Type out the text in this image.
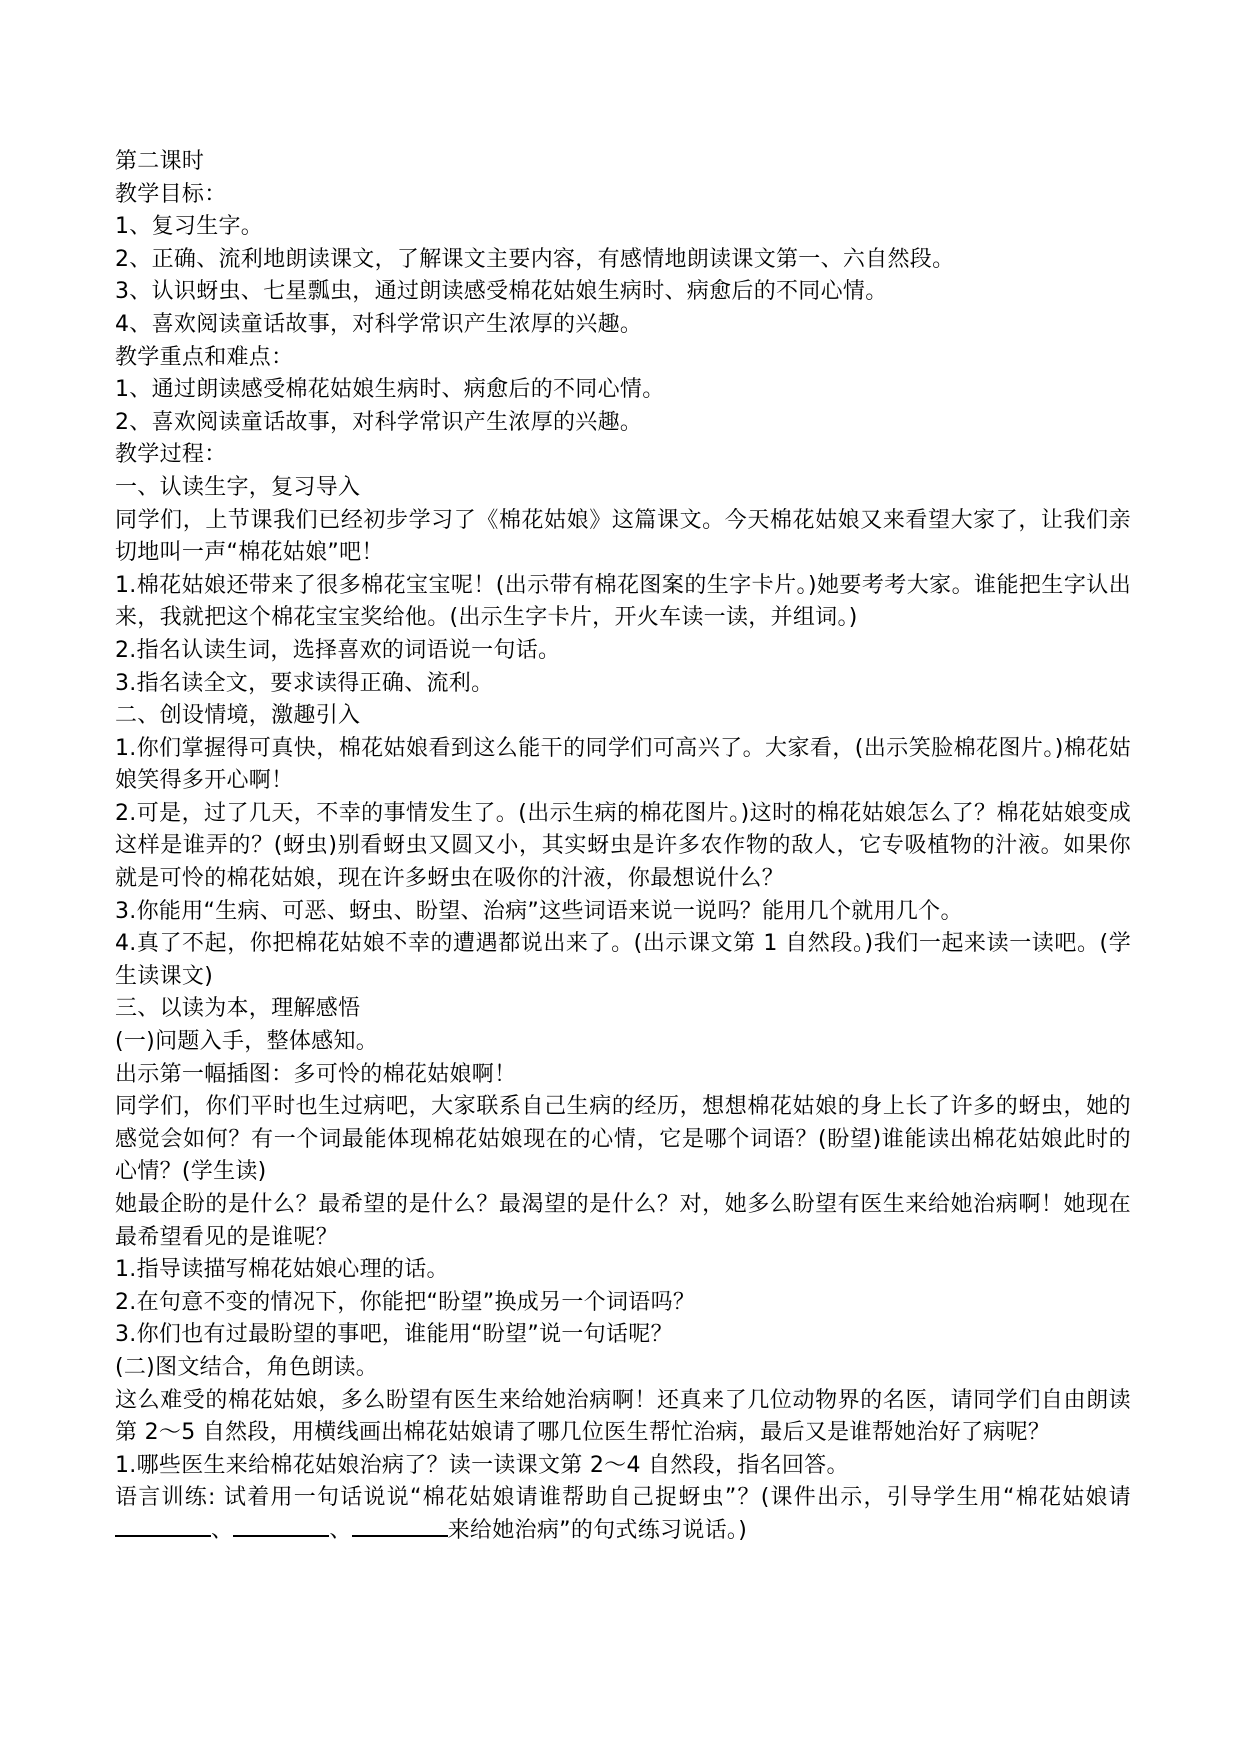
第二课时
教学目标：
1、复习生字。
2、正确、流利地朗读课文，了解课文主要内容，有感情地朗读课文第一、六自然段。
3、认识蚜虫、七星瓢虫，通过朗读感受棉花姑娘生病时、病愈后的不同心情。
4、喜欢阅读童话故事，对科学常识产生浓厚的兴趣。
教学重点和难点：
1、通过朗读感受棉花姑娘生病时、病愈后的不同心情。
2、喜欢阅读童话故事，对科学常识产生浓厚的兴趣。
教学过程：
一、认读生字，复习导入
同学们，上节课我们已经初步学习了《棉花姑娘》这篇课文。今天棉花姑娘又来看望大家了，让我们亲切地叫一声“棉花姑娘”吧！
1.棉花姑娘还带来了很多棉花宝宝呢！(出示带有棉花图案的生字卡片。)她要考考大家。谁能把生字认出来，我就把这个棉花宝宝奖给他。(出示生字卡片，开火车读一读，并组词。)
2.指名认读生词，选择喜欢的词语说一句话。
3.指名读全文，要求读得正确、流利。
二、创设情境，激趣引入
1.你们掌握得可真快，棉花姑娘看到这么能干的同学们可高兴了。大家看，(出示笑脸棉花图片。)棉花姑娘笑得多开心啊！
2.可是，过了几天，不幸的事情发生了。(出示生病的棉花图片。)这时的棉花姑娘怎么了？棉花姑娘变成这样是谁弄的？(蚜虫)别看蚜虫又圆又小，其实蚜虫是许多农作物的敌人，它专吸植物的汁液。如果你就是可怜的棉花姑娘，现在许多蚜虫在吸你的汁液，你最想说什么？
3.你能用“生病、可恶、蚜虫、盼望、治病”这些词语来说一说吗？能用几个就用几个。
4.真了不起，你把棉花姑娘不幸的遭遇都说出来了。(出示课文第 1 自然段。)我们一起来读一读吧。(学生读课文)
三、以读为本，理解感悟
(一)问题入手，整体感知。
出示第一幅插图：多可怜的棉花姑娘啊！
同学们，你们平时也生过病吧，大家联系自己生病的经历，想想棉花姑娘的身上长了许多的蚜虫，她的感觉会如何？有一个词最能体现棉花姑娘现在的心情，它是哪个词语？(盼望)谁能读出棉花姑娘此时的心情？(学生读)
她最企盼的是什么？最希望的是什么？最渴望的是什么？对，她多么盼望有医生来给她治病啊！她现在最希望看见的是谁呢？
1.指导读描写棉花姑娘心理的话。
2.在句意不变的情况下，你能把“盼望”换成另一个词语吗？
3.你们也有过最盼望的事吧，谁能用“盼望”说一句话呢？
(二)图文结合，角色朗读。
这么难受的棉花姑娘，多么盼望有医生来给她治病啊！还真来了几位动物界的名医，请同学们自由朗读第 2～5 自然段，用横线画出棉花姑娘请了哪几位医生帮忙治病，最后又是谁帮她治好了病呢？
1.哪些医生来给棉花姑娘治病了？读一读课文第 2～4 自然段，指名回答。
语言训练: 试着用一句话说说“棉花姑娘请谁帮助自己捉蚜虫”？(课件出示，引导学生用“棉花姑娘请、	、	来给她治病”的句式练习说话。)
